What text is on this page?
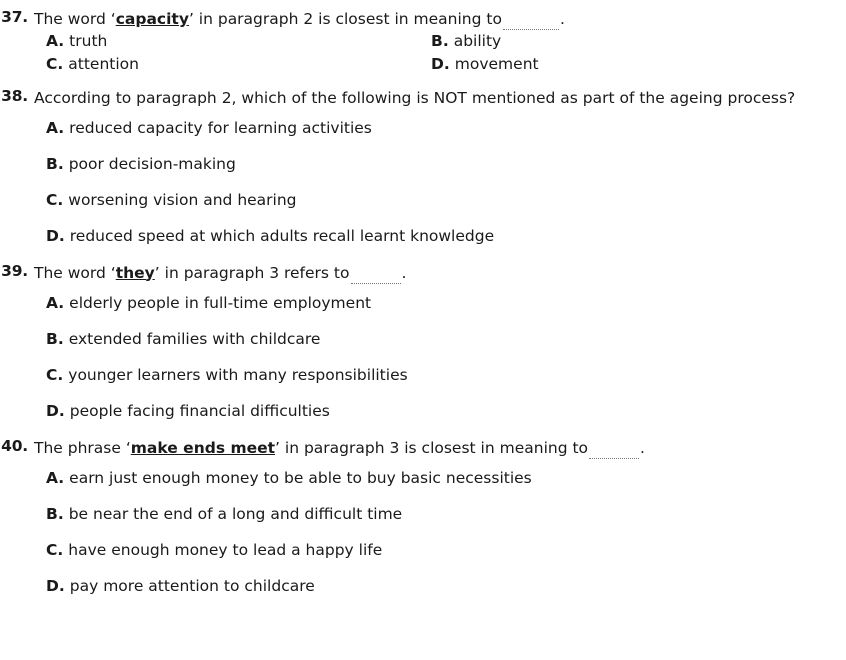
37. The word ‘capacity’ in paragraph 2 is closest in meaning to	.
A. truth	B. ability
C. attention	D. movement
38. According to paragraph 2, which of the following is NOT mentioned as part of the ageing process?
A. reduced capacity for learning activities
B. poor decision-making
C. worsening vision and hearing
D. reduced speed at which adults recall learnt knowledge
39. The word ‘they’ in paragraph 3 refers to	.
A. elderly people in full-time employment
B. extended families with childcare
C. younger learners with many responsibilities
D. people facing financial difficulties
40. The phrase ‘make ends meet’ in paragraph 3 is closest in meaning to	.
A. earn just enough money to be able to buy basic necessities
B. be near the end of a long and difficult time
C. have enough money to lead a happy life
D. pay more attention to childcare
